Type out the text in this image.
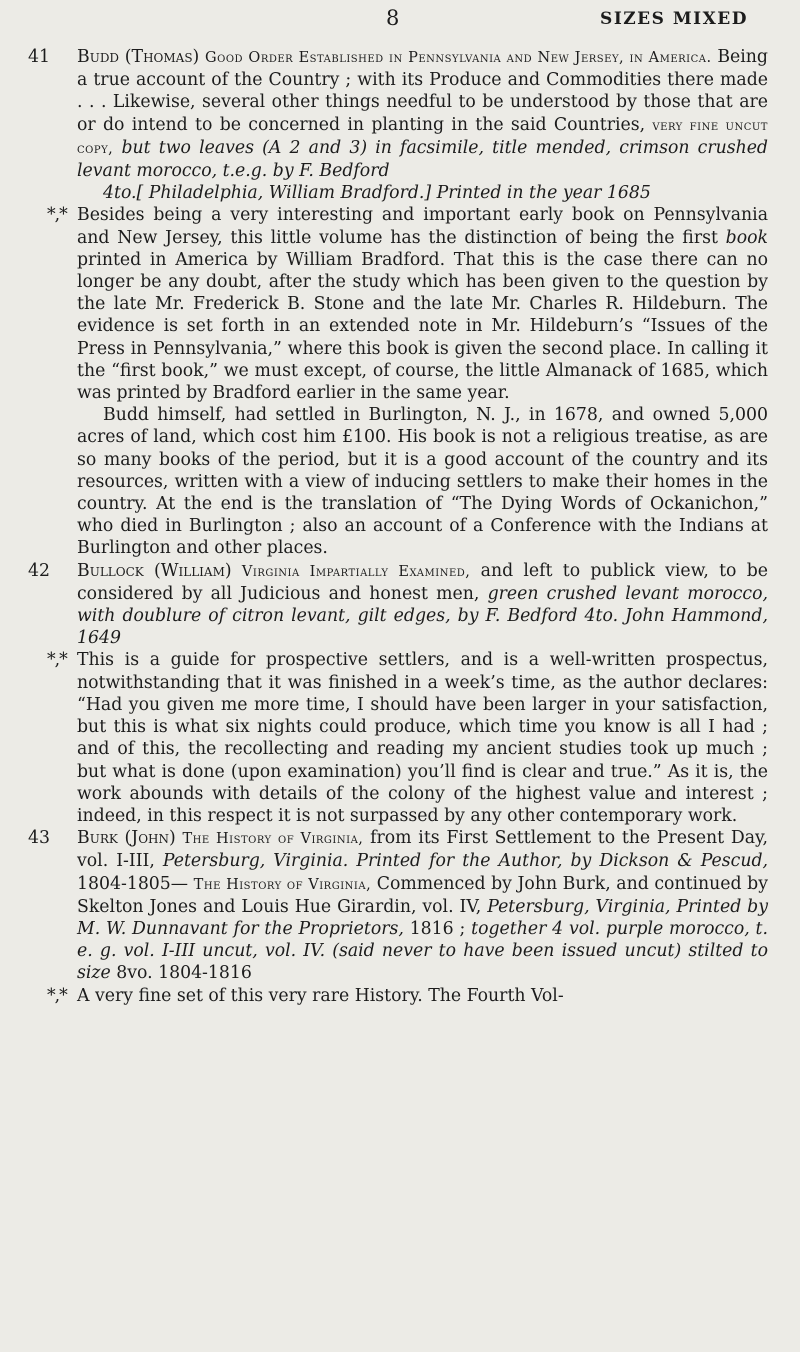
8	SIZES MIXED
41 Budd (Thomas) Good Order Established in Pennsylvania and New Jersey, in America. Being a true account of the Country ; with its Produce and Commodities there made . . . Likewise, several other things needful to be understood by those that are or do intend to be concerned in planting in the said Countries, very fine uncut copy, but two leaves (A 2 and 3) in facsimile, title mended, crimson crushed levant morocco, t.e.g. by F. Bedford

4to.[ Philadelphia, William Bradford.] Printed in the year 1685

*,* Besides being a very interesting and important early book on Pennsylvania and New Jersey, this little volume has the distinction of being the first book printed in America by William Bradford. That this is the case there can no longer be any doubt, after the study which has been given to the question by the late Mr. Frederick B. Stone and the late Mr. Charles R. Hildeburn. The evidence is set forth in an extended note in Mr. Hildeburn’s “Issues of the Press in Pennsylvania,” where this book is given the second place. In calling it the “first book,” we must except, of course, the little Almanack of 1685, which was printed by Bradford earlier in the same year.

Budd himself, had settled in Burlington, N. J., in 1678, and owned 5,000 acres of land, which cost him £100. His book is not a religious treatise, as are so many books of the period, but it is a good account of the country and its resources, written with a view of inducing settlers to make their homes in the country. At the end is the translation of “The Dying Words of Ockanichon,” who died in Burlington ; also an account of a Conference with the Indians at Burlington and other places.

42 Bullock (William) Virginia Impartially Examined, and left to publick view, to be considered by all Judicious and honest men, green crushed levant morocco, with doublure of citron levant, gilt edges, by F. Bedford 4to. John Hammond, 1649

*,* This is a guide for prospective settlers, and is a well-written prospectus, notwithstanding that it was finished in a week’s time, as the author declares: “Had you given me more time, I should have been larger in your satisfaction, but this is what six nights could produce, which time you know is all I had ; and of this, the recollecting and reading my ancient studies took up much ; but what is done (upon examination) you’ll find is clear and true.” As it is, the work abounds with details of the colony of the highest value and interest ; indeed, in this respect it is not surpassed by any other contemporary work.

43 Burk (John) The History of Virginia, from its First Settlement to the Present Day, vol. I-III, Petersburg, Virginia. Printed for the Author, by Dickson & Pescud, 1804-1805— The History of Virginia, Commenced by John Burk, and continued by Skelton Jones and Louis Hue Girardin, vol. IV, Petersburg, Virginia, Printed by M. W. Dunnavant for the Proprietors, 1816 ; together 4 vol. purple morocco, t. e. g. vol. I-III uncut, vol. IV. (said never to have been issued uncut) stilted to size 8vo. 1804-1816

*,* A very fine set of this very rare History. The Fourth Vol-
